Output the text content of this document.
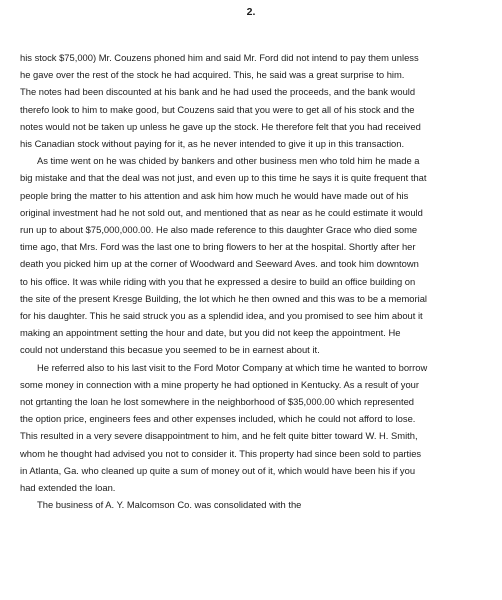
2.
his stock $75,000) Mr. Couzens phoned him and said Mr. Ford did not intend to pay them unless
he gave over the rest of the stock he had acquired. This, he said was a great surprise to him.
The notes had been discounted at his bank and he had used the proceeds, and the bank would
therefo look to him to make good, but Couzens said that you were to get all of his stock and the
notes would not be taken up unless he gave up the stock. He therefore felt that you had received
his Canadian stock without paying for it, as he never intended to give it up in this transaction.
As time went on he was chided by bankers and other business men who told him he made a
big mistake and that the deal was not just, and even up to this time he says it is quite frequent that
people bring the matter to his attention and ask him how much he would have made out of his
original investment had he not sold out, and mentioned that as near as he could estimate it would
run up to about $75,000,000.00. He also made reference to this daughter Grace who died some
time ago, that Mrs. Ford was the last one to bring flowers to her at the hospital. Shortly after her
death you picked him up at the corner of Woodward and Seeward Aves. and took him downtown
to his office. It was while riding with you that he expressed a desire to build an office building on
the site of the present Kresge Building, the lot which he then owned and this was to be a memorial
for his daughter. This he said struck you as a splendid idea, and you promised to see him about it
making an appointment setting the hour and date, but you did not keep the appointment. He
could not understand this becasue you seemed to be in earnest about it.
He referred also to his last visit to the Ford Motor Company at which time he wanted to borrow
some money in connection with a mine property he had optioned in Kentucky. As a result of your
not grtanting the loan he lost somewhere in the neighborhood of $35,000.00 which represented
the option price, engineers fees and other expenses included, which he could not afford to lose.
This resulted in a very severe disappointment to him, and he felt quite bitter toward W. H. Smith,
whom he thought had advised you not to consider it. This property had since been sold to parties
in Atlanta, Ga. who cleaned up quite a sum of money out of it, which would have been his if you
had extended the loan.
The business of A. Y. Malcomson Co. was consolidated with the
